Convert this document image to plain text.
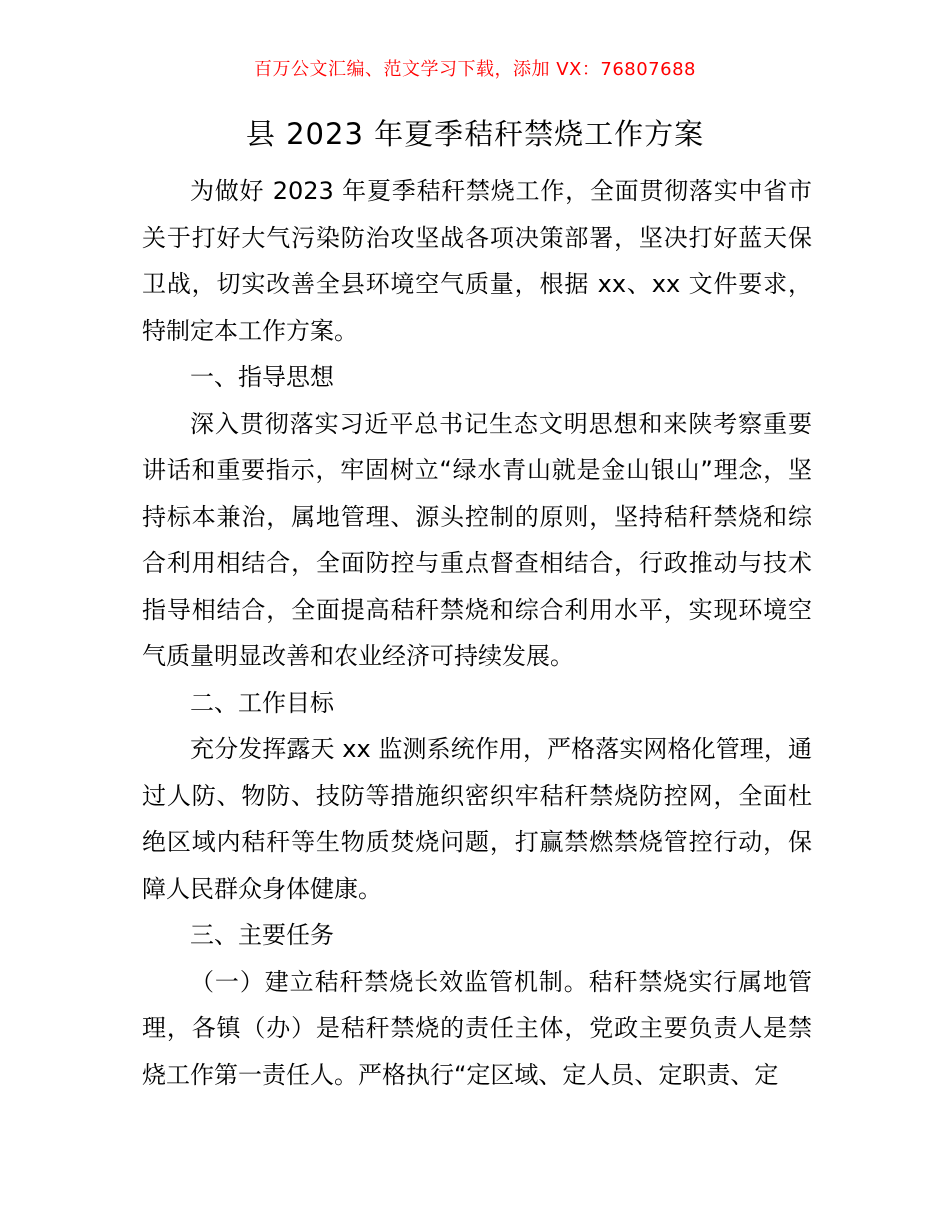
百万公文汇编、范文学习下载，添加 VX：76807688
县 2023 年夏季秸秆禁烧工作方案

为做好 2023 年夏季秸秆禁烧工作，全面贯彻落实中省市关于打好大气污染防治攻坚战各项决策部署，坚决打好蓝天保卫战，切实改善全县环境空气质量，根据 xx、xx 文件要求，特制定本工作方案。

一、指导思想

深入贯彻落实习近平总书记生态文明思想和来陕考察重要讲话和重要指示，牢固树立“绿水青山就是金山银山”理念，坚持标本兼治，属地管理、源头控制的原则，坚持秸秆禁烧和综合利用相结合，全面防控与重点督查相结合，行政推动与技术指导相结合，全面提高秸秆禁烧和综合利用水平，实现环境空气质量明显改善和农业经济可持续发展。

二、工作目标

充分发挥露天 xx 监测系统作用，严格落实网格化管理，通过人防、物防、技防等措施织密织牢秸秆禁烧防控网，全面杜绝区域内秸秆等生物质焚烧问题，打赢禁燃禁烧管控行动，保障人民群众身体健康。

三、主要任务

（一）建立秸秆禁烧长效监管机制。秸秆禁烧实行属地管理，各镇（办）是秸秆禁烧的责任主体，党政主要负责人是禁烧工作第一责任人。严格执行“定区域、定人员、定职责、定
